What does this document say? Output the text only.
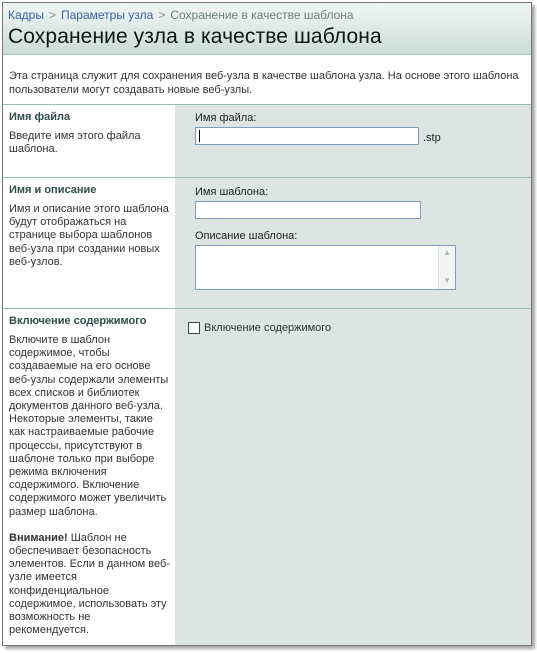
Кадры > Параметры узла > Сохранение в качестве шаблона
Сохранение узла в качестве шаблона
Эта страница служит для сохранения веб-узла в качестве шаблона узла. На основе этого шаблона пользователи могут создавать новые веб-узлы.
Имя файла
Введите имя этого файла шаблона.
Имя файла:
.stp
Имя и описание
Имя и описание этого шаблона будут отображаться на странице выбора шаблонов веб-узла при создании новых веб-узлов.
Имя шаблона:
Описание шаблона:
▲
▼
Включение содержимого
Включите в шаблон содержимое, чтобы создаваемые на его основе веб-узлы содержали элементы всех списков и библиотек документов данного веб-узла. Некоторые элементы, такие как настраиваемые рабочие процессы, присутствуют в шаблоне только при выборе режима включения содержимого. Включение содержимого может увеличить размер шаблона.
Внимание! Шаблон не обеспечивает безопасность элементов. Если в данном веб-узле имеется конфиденциальное содержимое, использовать эту возможность не рекомендуется.
Включение содержимого
